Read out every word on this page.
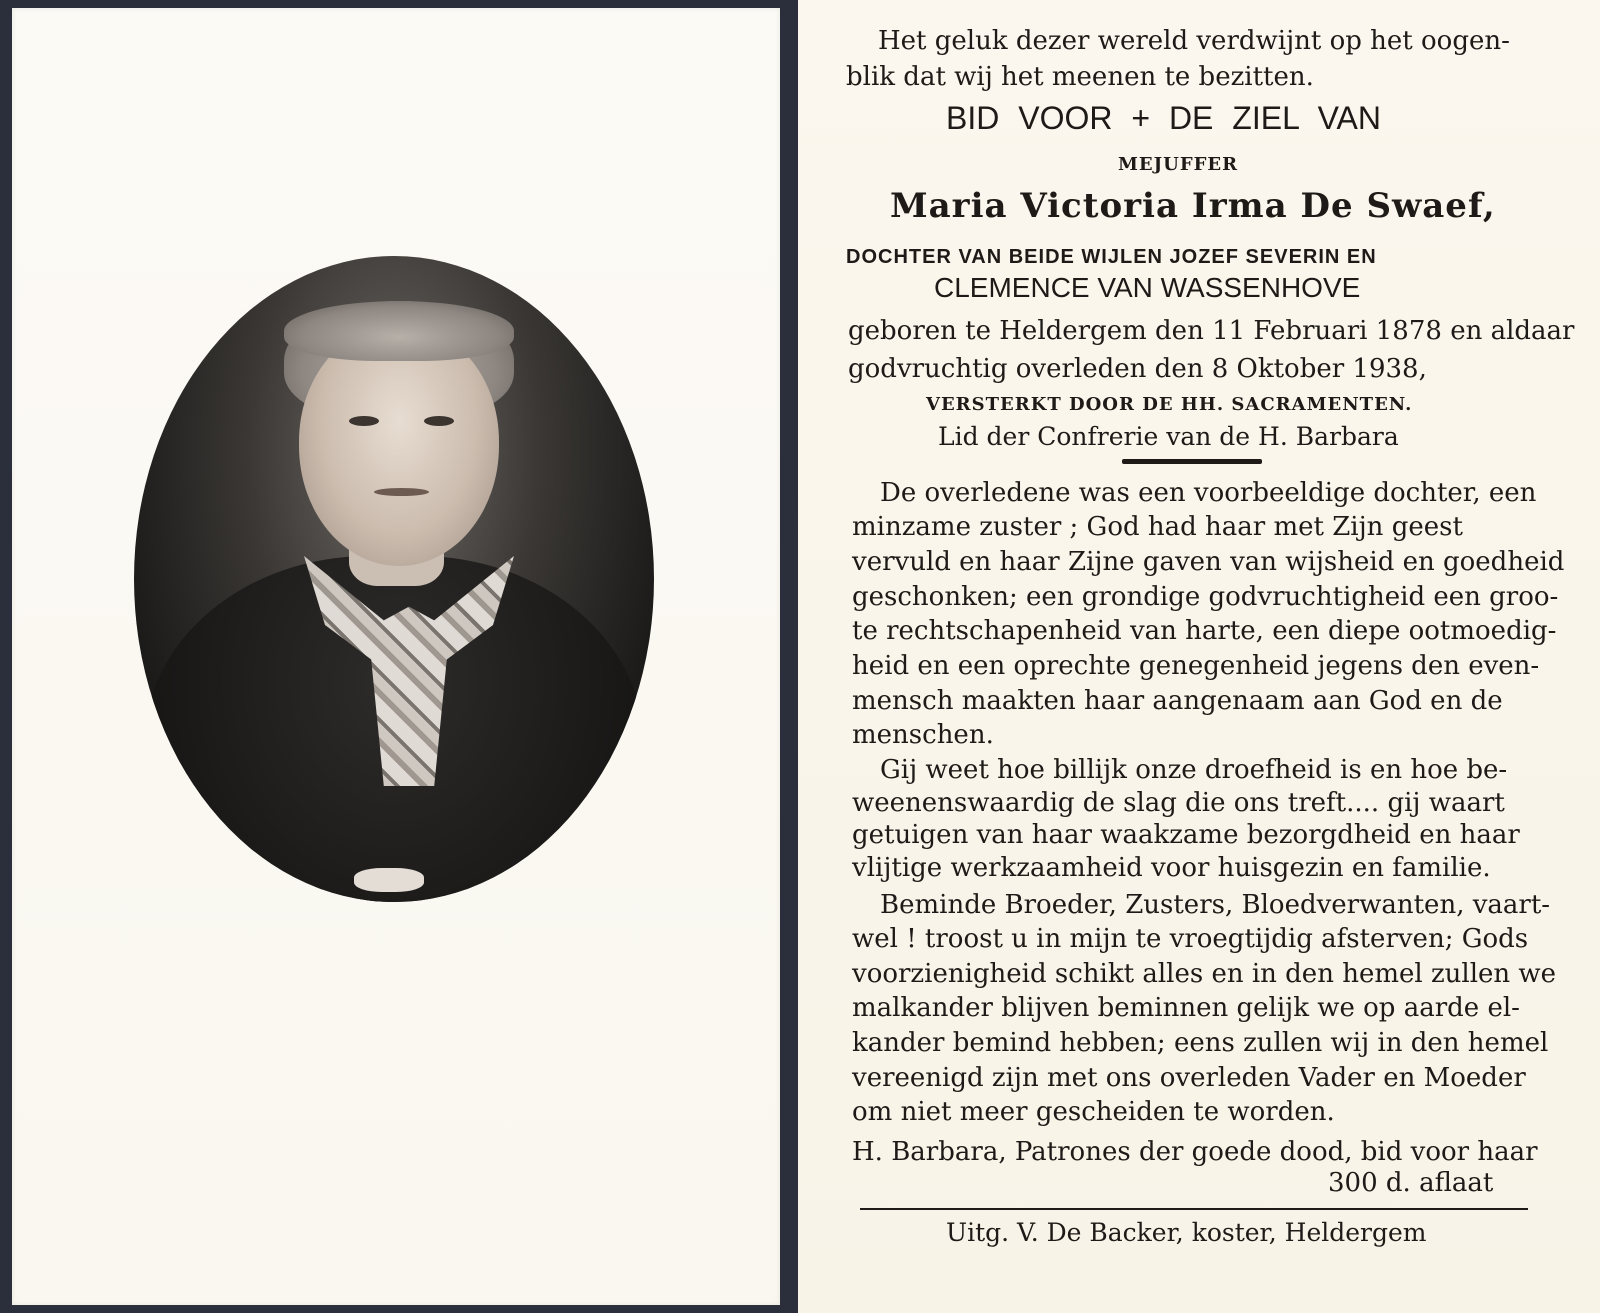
Het geluk dezer wereld verdwijnt op het oogen-
blik dat wij het meenen te bezitten.
BID VOOR + DE ZIEL VAN
MEJUFFER
Maria Victoria Irma De Swaef,
DOCHTER VAN BEIDE WIJLEN JOZEF SEVERIN EN
CLEMENCE VAN WASSENHOVE
geboren te Heldergem den 11 Februari 1878 en aldaar
godvruchtig overleden den 8 Oktober 1938,
VERSTERKT DOOR DE HH. SACRAMENTEN.
Lid der Confrerie van de H. Barbara
De overledene was een voorbeeldige dochter, een
minzame zuster ; God had haar met Zijn geest
vervuld en haar Zijne gaven van wijsheid en goedheid
geschonken; een grondige godvruchtigheid een groo-
te rechtschapenheid van harte, een diepe ootmoedig-
heid en een oprechte genegenheid jegens den even-
mensch maakten haar aangenaam aan God en de
menschen.
Gij weet hoe billijk onze droefheid is en hoe be-
weenenswaardig de slag die ons treft.... gij waart
getuigen van haar waakzame bezorgdheid en haar
vlijtige werkzaamheid voor huisgezin en familie.
Beminde Broeder, Zusters, Bloedverwanten, vaart-
wel ! troost u in mijn te vroegtijdig afsterven; Gods
voorzienigheid schikt alles en in den hemel zullen we
malkander blijven beminnen gelijk we op aarde el-
kander bemind hebben; eens zullen wij in den hemel
vereenigd zijn met ons overleden Vader en Moeder
om niet meer gescheiden te worden.
H. Barbara, Patrones der goede dood, bid voor haar
300 d. aflaat
Uitg. V. De Backer, koster, Heldergem
